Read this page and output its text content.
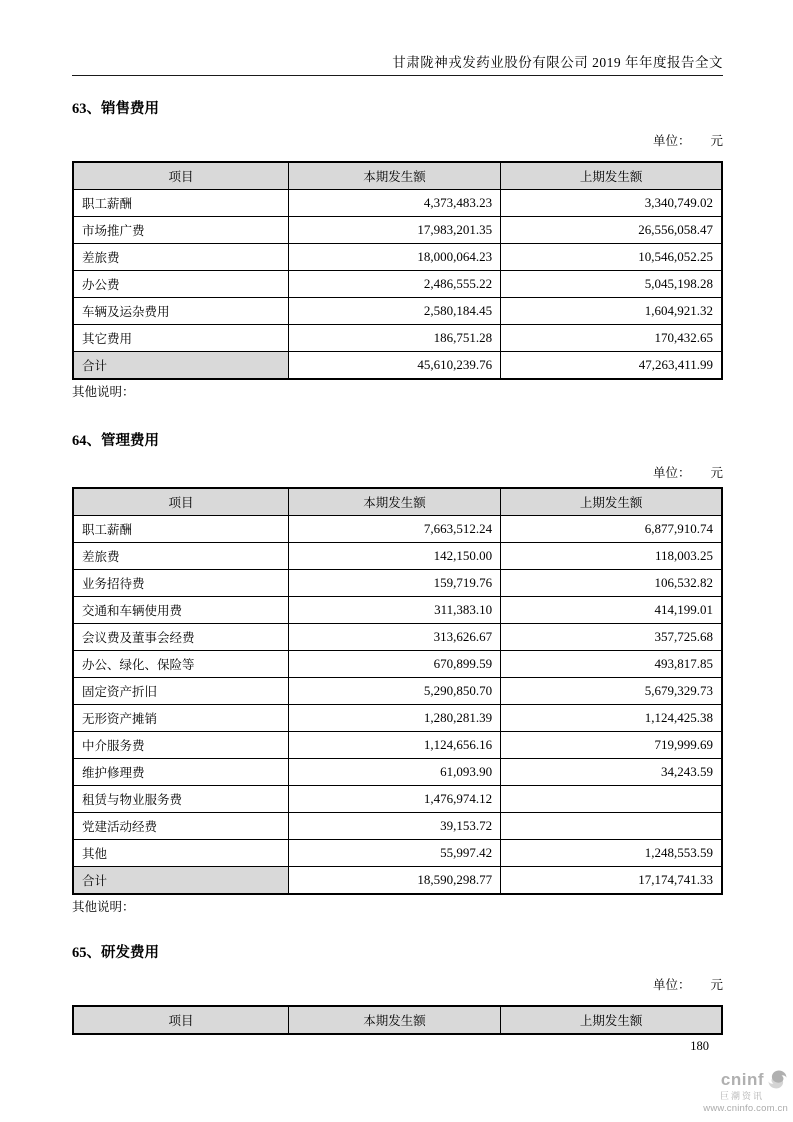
甘肃陇神戎发药业股份有限公司 2019 年年度报告全文
63、销售费用
单位： 元
项目	本期发生额	上期发生额
职工薪酬	4,373,483.23	3,340,749.02
市场推广费	17,983,201.35	26,556,058.47
差旅费	18,000,064.23	10,546,052.25
办公费	2,486,555.22	5,045,198.28
车辆及运杂费用	2,580,184.45	1,604,921.32
其它费用	186,751.28	170,432.65
合计	45,610,239.76	47,263,411.99
其他说明：
64、管理费用
单位： 元
项目	本期发生额	上期发生额
职工薪酬	7,663,512.24	6,877,910.74
差旅费	142,150.00	118,003.25
业务招待费	159,719.76	106,532.82
交通和车辆使用费	311,383.10	414,199.01
会议费及董事会经费	313,626.67	357,725.68
办公、绿化、保险等	670,899.59	493,817.85
固定资产折旧	5,290,850.70	5,679,329.73
无形资产摊销	1,280,281.39	1,124,425.38
中介服务费	1,124,656.16	719,999.69
维护修理费	61,093.90	34,243.59
租赁与物业服务费	1,476,974.12	
党建活动经费	39,153.72	
其他	55,997.42	1,248,553.59
合计	18,590,298.77	17,174,741.33
其他说明：
65、研发费用
单位： 元
项目	本期发生额	上期发生额
180
cninf
巨潮资讯
www.cninfo.com.cn
